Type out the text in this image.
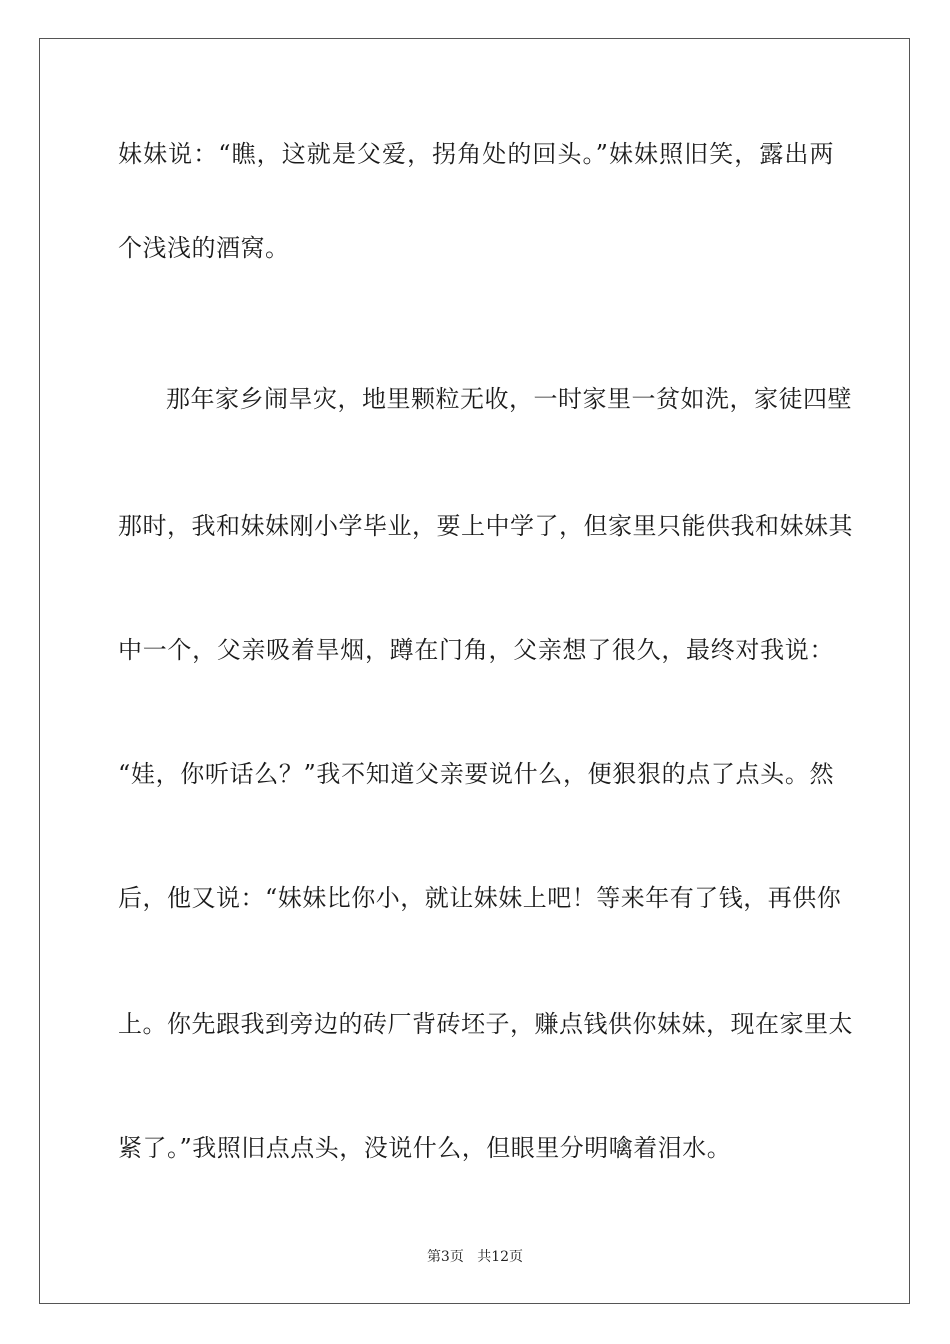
妹妹说：“瞧，这就是父爱，拐角处的回头。”妹妹照旧笑，露出两
个浅浅的酒窝。
那年家乡闹旱灾，地里颗粒无收，一时家里一贫如洗，家徒四壁
那时，我和妹妹刚小学毕业，要上中学了，但家里只能供我和妹妹其
中一个，父亲吸着旱烟，蹲在门角，父亲想了很久，最终对我说：
“娃，你听话么？”我不知道父亲要说什么，便狠狠的点了点头。然
后，他又说：“妹妹比你小，就让妹妹上吧！等来年有了钱，再供你
上。你先跟我到旁边的砖厂背砖坯子，赚点钱供你妹妹，现在家里太
紧了。”我照旧点点头，没说什么，但眼里分明噙着泪水。
第3页 共12页
